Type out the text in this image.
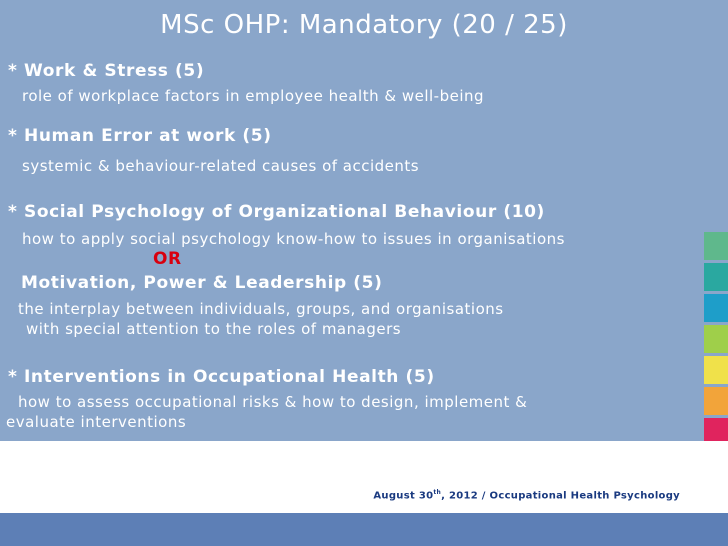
MSc OHP: Mandatory (20 / 25)
* Work & Stress (5)
role of workplace factors in employee health & well-being
* Human Error at work (5)
systemic & behaviour-related causes of accidents
* Social Psychology of Organizational Behaviour (10)
how to apply social psychology know-how to issues in organisations
OR
Motivation, Power & Leadership (5)
the interplay between individuals, groups, and organisations
with special attention to the roles of managers
* Interventions in Occupational Health (5)
how to assess occupational risks & how to design, implement &
evaluate interventions
August 30th, 2012 / Occupational Health Psychology
